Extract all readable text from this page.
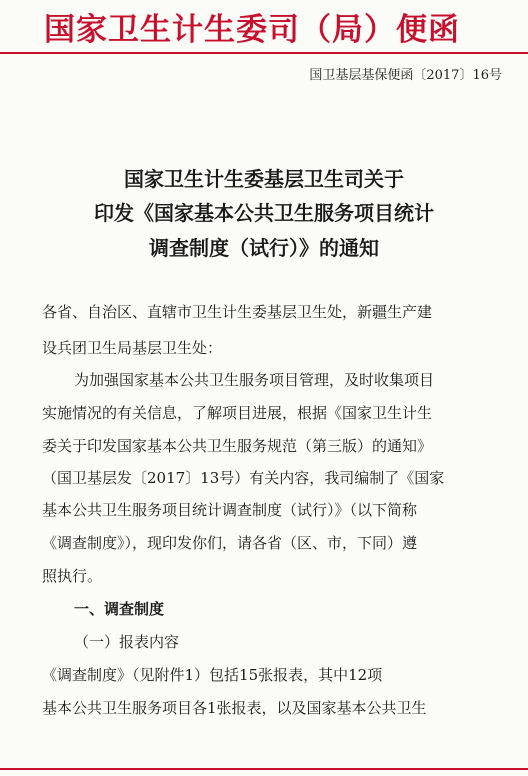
国家卫生计生委司（局）便函
国卫基层基保便函〔2017〕16号
国家卫生计生委基层卫生司关于
印发《国家基本公共卫生服务项目统计
调查制度（试行）》的通知
各省、自治区、直辖市卫生计生委基层卫生处，新疆生产建
设兵团卫生局基层卫生处：
为加强国家基本公共卫生服务项目管理，及时收集项目
实施情况的有关信息，了解项目进展，根据《国家卫生计生
委关于印发国家基本公共卫生服务规范（第三版）的通知》
（国卫基层发〔2017〕13号）有关内容，我司编制了《国家
基本公共卫生服务项目统计调查制度（试行）》（以下简称
《调查制度》），现印发你们，请各省（区、市，下同）遵
照执行。
一、调查制度
（一）报表内容
《调查制度》（见附件1）包括15张报表，其中12项
基本公共卫生服务项目各1张报表，以及国家基本公共卫生
